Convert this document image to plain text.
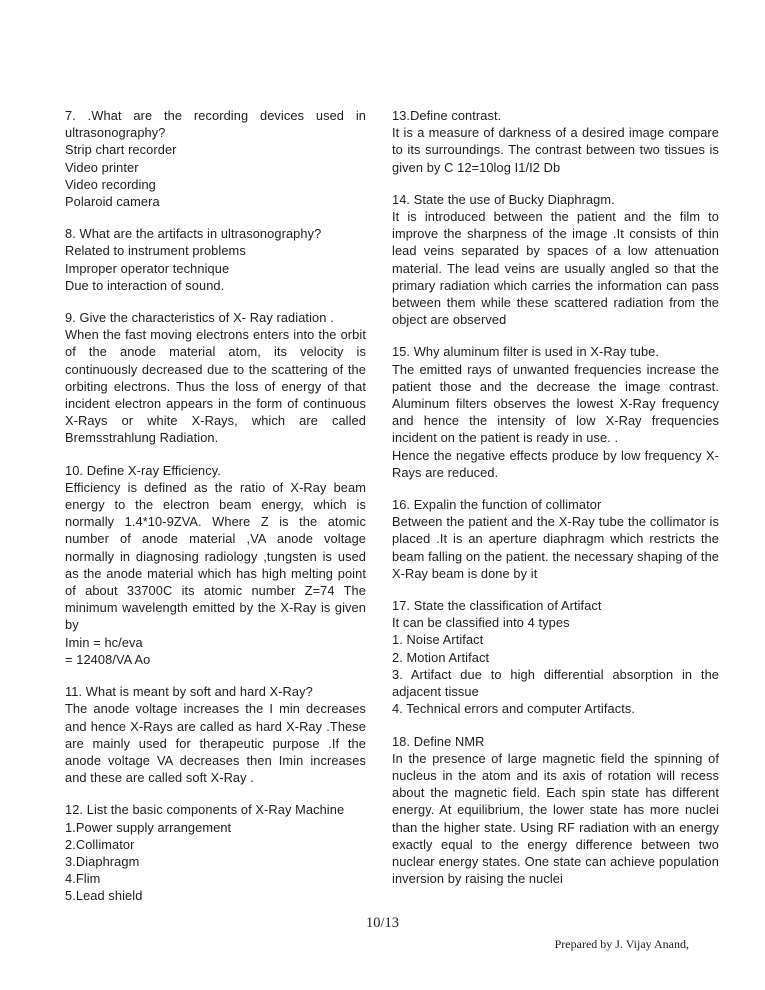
7. .What are the recording devices used in ultrasonography?
Strip chart recorder
Video printer
Video recording
Polaroid camera
8. What are the artifacts in ultrasonography?
Related to instrument problems
Improper operator technique
Due to interaction of sound.
9. Give the characteristics of X- Ray radiation .
When the fast moving electrons enters into the orbit of the anode material atom, its velocity is continuously decreased due to the scattering of the orbiting electrons. Thus the loss of energy of that incident electron appears in the form of continuous X-Rays or white X-Rays, which are called Bremsstrahlung Radiation.
10. Define X-ray Efficiency.
Efficiency is defined as the ratio of X-Ray beam energy to the electron beam energy, which is normally 1.4*10-9ZVA. Where Z is the atomic number of anode material ,VA anode voltage normally in diagnosing radiology ,tungsten is used as the anode material which has high melting point of about 33700C its atomic number Z=74 The minimum wavelength emitted by the X-Ray is given by
Imin = hc/eva
= 12408/VA Ao
11. What is meant by soft and hard X-Ray?
The anode voltage increases the I min decreases and hence X-Rays are called as hard X-Ray .These are mainly used for therapeutic purpose .If the anode voltage VA decreases then Imin increases and these are called soft X-Ray .
12. List the basic components of X-Ray Machine
1.Power supply arrangement
2.Collimator
3.Diaphragm
4.Flim
5.Lead shield
13.Define contrast.
It is a measure of darkness of a desired image compare to its surroundings. The contrast between two tissues is given by C 12=10log I1/I2 Db
14. State the use of Bucky Diaphragm.
It is introduced between the patient and the film to improve the sharpness of the image .It consists of thin lead veins separated by spaces of a low attenuation material. The lead veins are usually angled so that the primary radiation which carries the information can pass between them while these scattered radiation from the object are observed
15. Why aluminum filter is used in X-Ray tube.
The emitted rays of unwanted frequencies increase the patient those and the decrease the image contrast. Aluminum filters observes the lowest X-Ray frequency and hence the intensity of low X-Ray frequencies incident on the patient is ready in use. .
Hence the negative effects produce by low frequency X-Rays are reduced.
16. Expalin the function of collimator
Between the patient and the X-Ray tube the collimator is placed .It is an aperture diaphragm which restricts the beam falling on the patient. the necessary shaping of the X-Ray beam is done by it
17. State the classification of Artifact
It can be classified into 4 types
1. Noise Artifact
2. Motion Artifact
3. Artifact due to high differential absorption in the adjacent tissue
4. Technical errors and computer Artifacts.
18. Define NMR
In the presence of large magnetic field the spinning of nucleus in the atom and its axis of rotation will recess about the magnetic field. Each spin state has different energy. At equilibrium, the lower state has more nuclei than the higher state. Using RF radiation with an energy exactly equal to the energy difference between two nuclear energy states. One state can achieve population inversion by raising the nuclei
10/13
Prepared by J. Vijay Anand,
